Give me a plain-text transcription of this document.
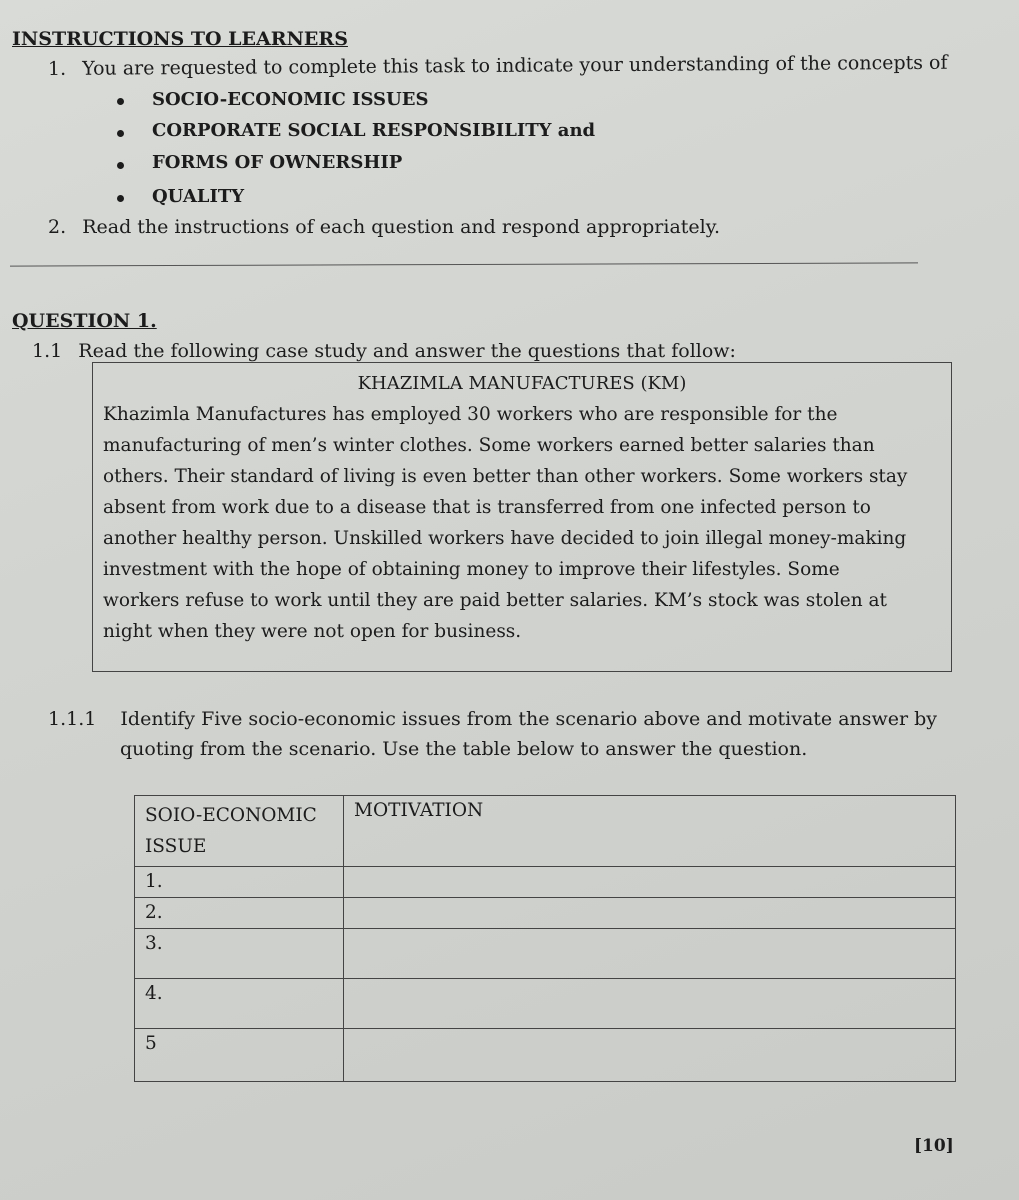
INSTRUCTIONS TO LEARNERS
1. You are requested to complete this task to indicate your understanding of the concepts of
SOCIO-ECONOMIC ISSUES
CORPORATE SOCIAL RESPONSIBILITY and
FORMS OF OWNERSHIP
QUALITY
2. Read the instructions of each question and respond appropriately.
QUESTION 1.
1.1 Read the following case study and answer the questions that follow:
KHAZIMLA MANUFACTURES (KM)
Khazimla Manufactures has employed 30 workers who are responsible for the
manufacturing of men’s winter clothes. Some workers earned better salaries than
others. Their standard of living is even better than other workers. Some workers stay
absent from work due to a disease that is transferred from one infected person to
another healthy person. Unskilled workers have decided to join illegal money-making
investment with the hope of obtaining money to improve their lifestyles. Some
workers refuse to work until they are paid better salaries. KM’s stock was stolen at
night when they were not open for business.
1.1.1 Identify Five socio-economic issues from the scenario above and motivate answer by
quoting from the scenario. Use the table below to answer the question.
SOIO-ECONOMIC
ISSUE	MOTIVATION
1.	
2.	
3.	
4.	
5	
[10]
